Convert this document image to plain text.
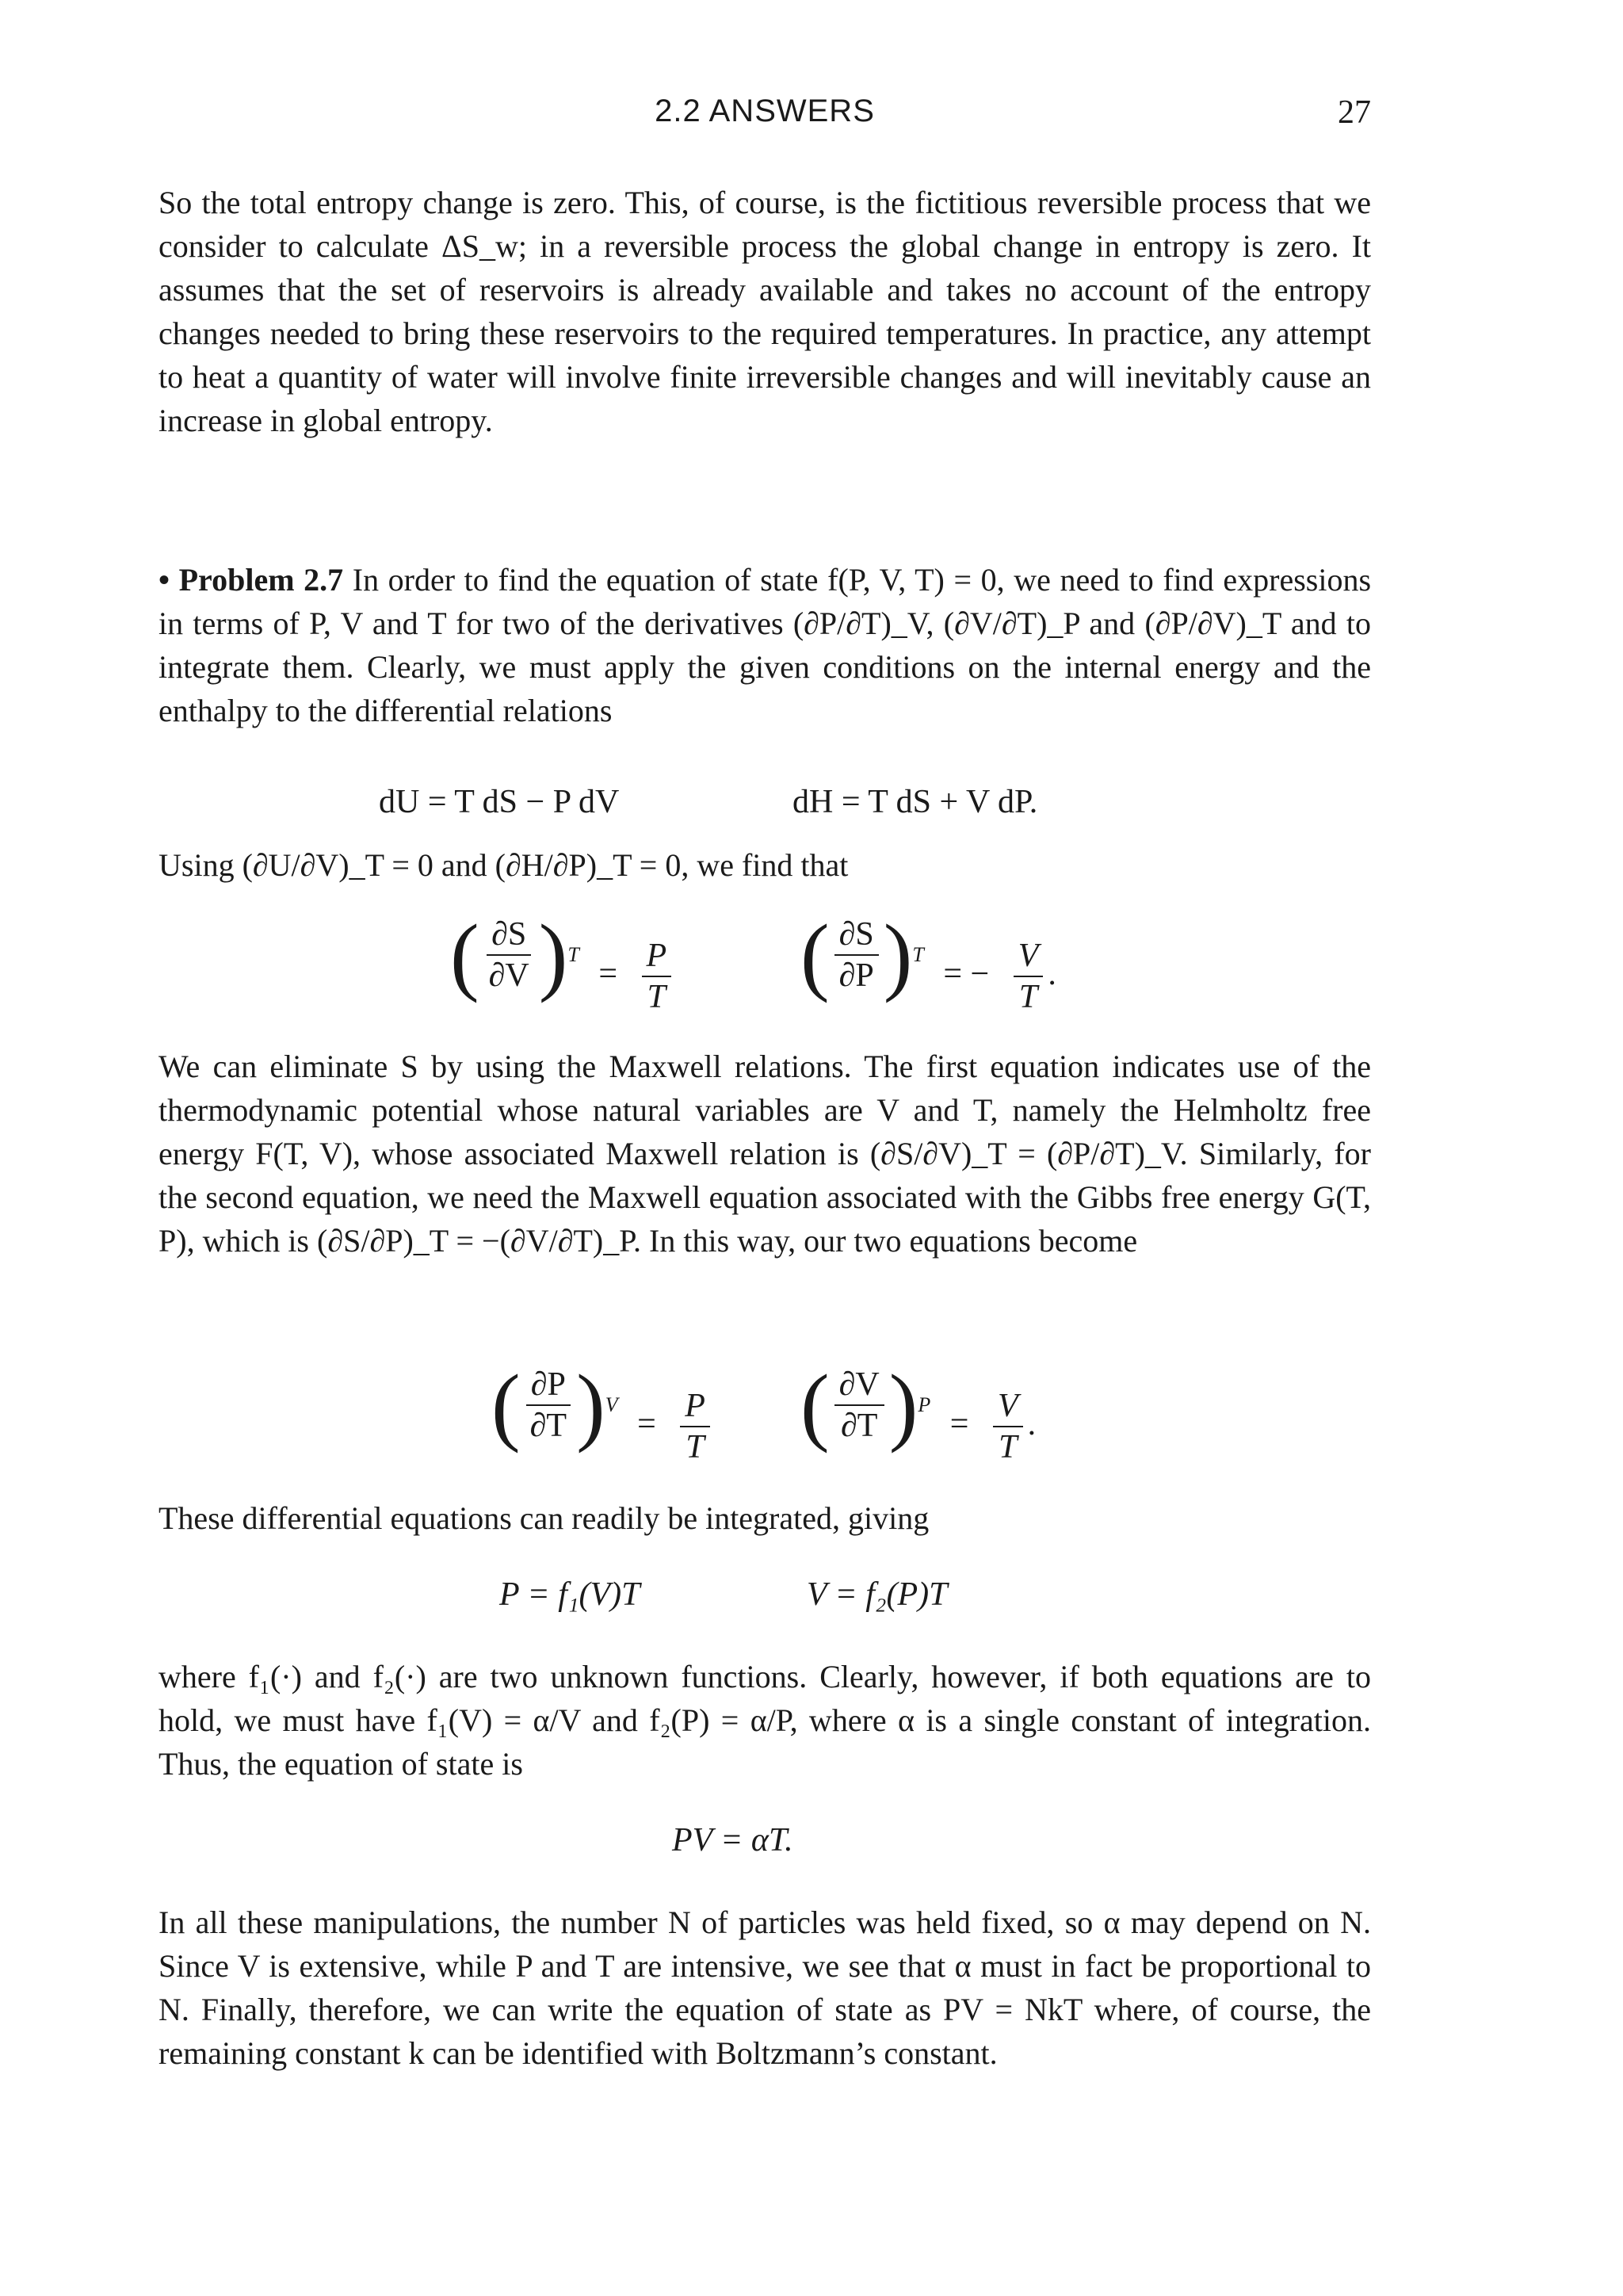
2.2 ANSWERS	27

So the total entropy change is zero. This, of course, is the fictitious reversible process that we consider to calculate ΔS_w; in a reversible process the global change in entropy is zero. It assumes that the set of reservoirs is already available and takes no account of the entropy changes needed to bring these reservoirs to the required temperatures. In practice, any attempt to heat a quantity of water will involve finite irreversible changes and will inevitably cause an increase in global entropy.

• Problem 2.7 In order to find the equation of state f(P, V, T) = 0, we need to find expressions in terms of P, V and T for two of the derivatives (∂P/∂T)_V, (∂V/∂T)_P and (∂P/∂V)_T and to integrate them. Clearly, we must apply the given conditions on the internal energy and the enthalpy to the differential relations

dU = T dS − P dV	dH = T dS + V dP.

Using (∂U/∂V)_T = 0 and (∂H/∂P)_T = 0, we find that

( $\frac{\partial S}{\partial V}$ ) T
= $\frac{P}{T}$ ( $\frac{\partial S}{\partial P}$ ) T
= − $\frac{V}{T}$ .

We can eliminate S by using the Maxwell relations. The first equation indicates use of the thermodynamic potential whose natural variables are V and T, namely the Helmholtz free energy F(T, V), whose associated Maxwell relation is (∂S/∂V)_T = (∂P/∂T)_V. Similarly, for the second equation, we need the Maxwell equation associated with the Gibbs free energy G(T, P), which is (∂S/∂P)_T = −(∂V/∂T)_P. In this way, our two equations become

( $\frac{\partial P}{\partial T}$ ) V
= $\frac{P}{T}$ ( $\frac{\partial V}{\partial T}$ ) P
= $\frac{V}{T}$ .

These differential equations can readily be integrated, giving

P = f₁(V)T	V = f₂(P)T

where f₁(·) and f₂(·) are two unknown functions. Clearly, however, if both equations are to hold, we must have f₁(V) = α/V and f₂(P) = α/P, where α is a single constant of integration. Thus, the equation of state is

PV = αT.

In all these manipulations, the number N of particles was held fixed, so α may depend on N. Since V is extensive, while P and T are intensive, we see that α must in fact be proportional to N. Finally, therefore, we can write the equation of state as PV = NkT where, of course, the remaining constant k can be identified with Boltzmann’s constant.
